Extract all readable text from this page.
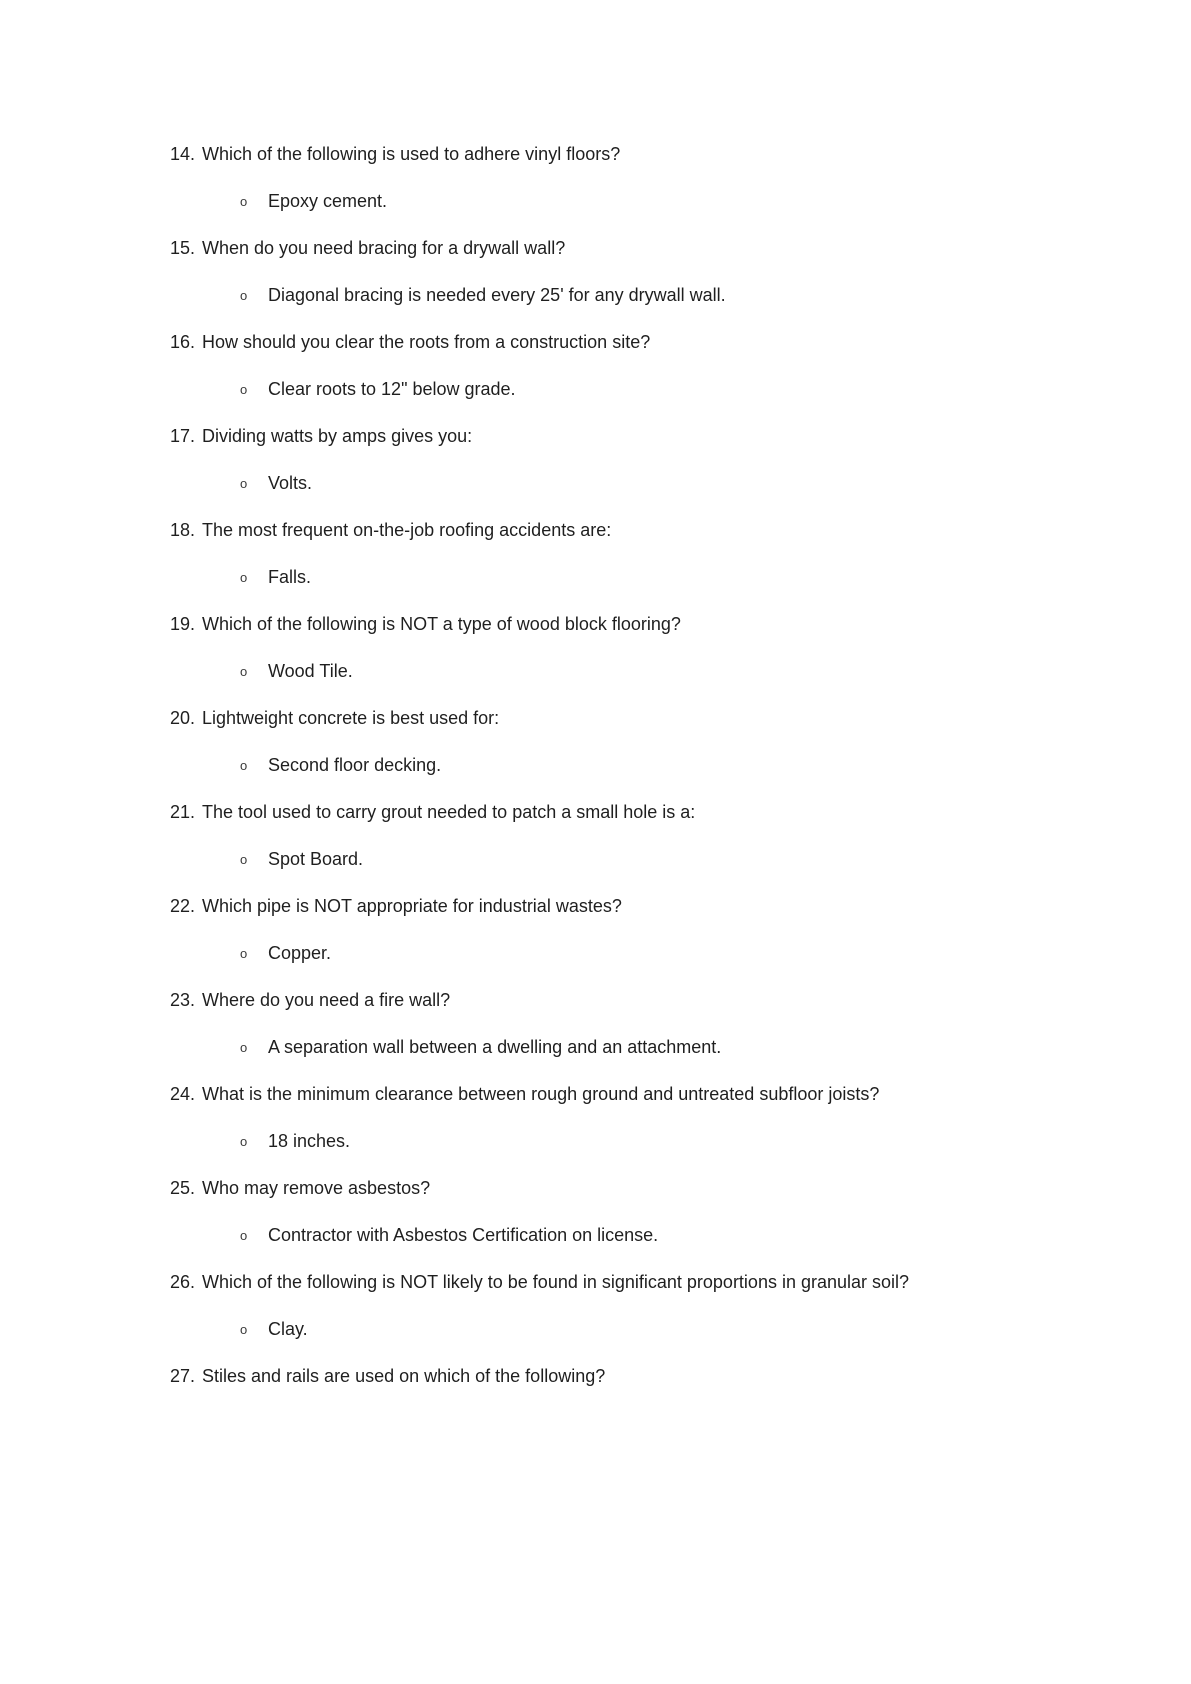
14. Which of the following is used to adhere vinyl floors?
o	Epoxy cement.
15. When do you need bracing for a drywall wall?
o	Diagonal bracing is needed every 25' for any drywall wall.
16. How should you clear the roots from a construction site?
o	Clear roots to 12" below grade.
17. Dividing watts by amps gives you:
o	Volts.
18. The most frequent on-the-job roofing accidents are:
o	Falls.
19. Which of the following is NOT a type of wood block flooring?
o	Wood Tile.
20. Lightweight concrete is best used for:
o	Second floor decking.
21. The tool used to carry grout needed to patch a small hole is a:
o	Spot Board.
22. Which pipe is NOT appropriate for industrial wastes?
o	Copper.
23. Where do you need a fire wall?
o	A separation wall between a dwelling and an attachment.
24. What is the minimum clearance between rough ground and untreated subfloor joists?
o	18 inches.
25. Who may remove asbestos?
o	Contractor with Asbestos Certification on license.
26. Which of the following is NOT likely to be found in significant proportions in granular soil?
o	Clay.
27. Stiles and rails are used on which of the following?
